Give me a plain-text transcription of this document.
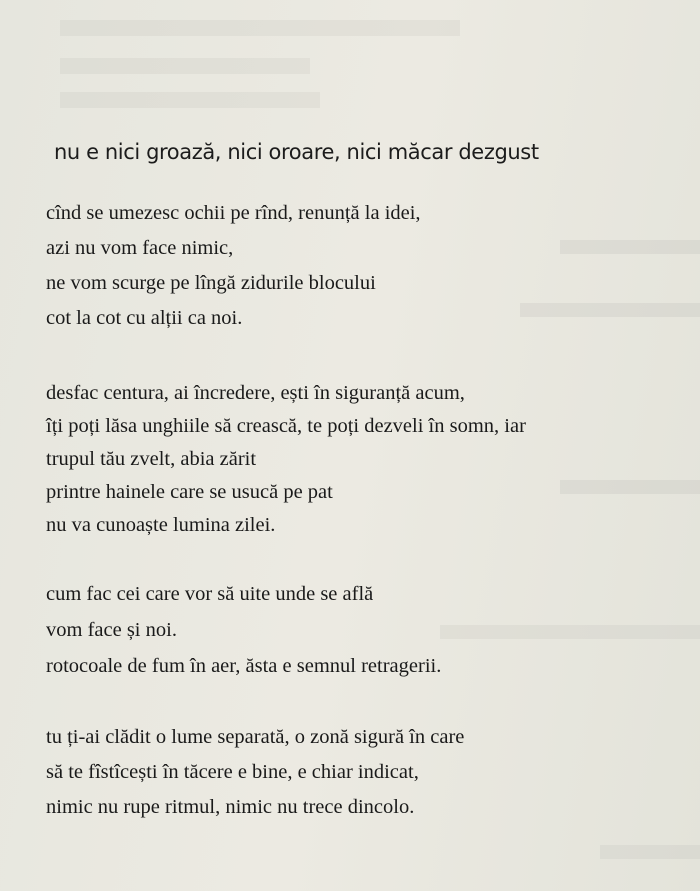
nu e nici groază, nici oroare, nici măcar dezgust
cînd se umezesc ochii pe rînd, renunță la idei,
azi nu vom face nimic,
ne vom scurge pe lîngă zidurile blocului
cot la cot cu alții ca noi.
desfac centura, ai încredere, ești în siguranță acum,
îți poți lăsa unghiile să crească, te poți dezveli în somn, iar
trupul tău zvelt, abia zărit
printre hainele care se usucă pe pat
nu va cunoaște lumina zilei.
cum fac cei care vor să uite unde se află
vom face și noi.
rotocoale de fum în aer, ăsta e semnul retragerii.
tu ți-ai clădit o lume separată, o zonă sigură în care
să te fîstîcești în tăcere e bine, e chiar indicat,
nimic nu rupe ritmul, nimic nu trece dincolo.
